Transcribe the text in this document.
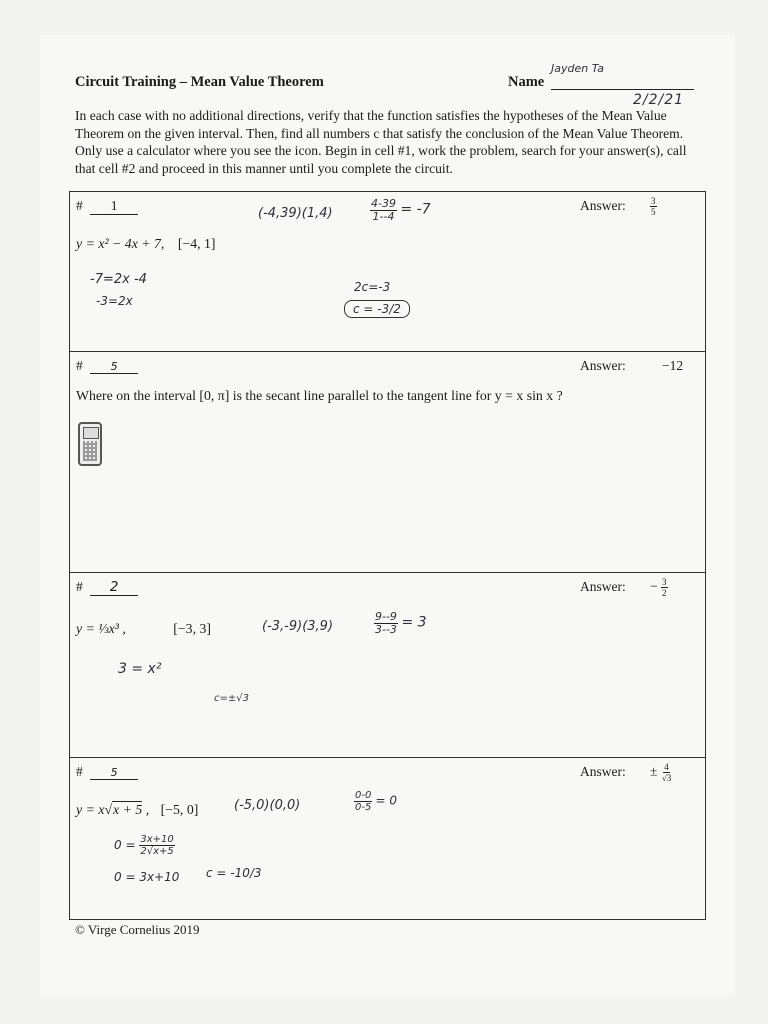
Circuit Training – Mean Value Theorem	Name
Jayden Ta
2/2/21
In each case with no additional directions, verify that the function satisfies the hypotheses of the Mean Value Theorem on the given interval. Then, find all numbers c that satisfy the conclusion of the Mean Value Theorem. Only use a calculator where you see the icon. Begin in cell #1, work the problem, search for your answer(s), call that cell #2 and proceed in this manner until you complete the circuit.
# 1	Answer:	$\frac{3}{5}$
y = x² − 4x + 7, [−4, 1]
(-4,39)(1,4)	$\frac{4-39}{1--4} = -7$
-7=2x -4
-3=2x
2c=-3
c = -3/2
#	5	Answer:	−12
Where on the interval [0, π] is the secant line parallel to the tangent line for y = x sin x ?
# 2	Answer: − $\frac{3}{2}$
y = ⅓x³ ,	[−3, 3]	(-3,-9)(3,9)	$\frac{9--9}{3--3} = 3$
3 = x²
c=±√3
#	5	Answer: ± $\frac{4}{√3}$
y = x√x + 5 , [−5, 0]	(-5,0)(0,0)	$\frac{0-0}{0-5} = 0$
$0 = \frac{3x+10}{2√x+5}$
0 = 3x+10 c = -10/3
© Virge Cornelius 2019
